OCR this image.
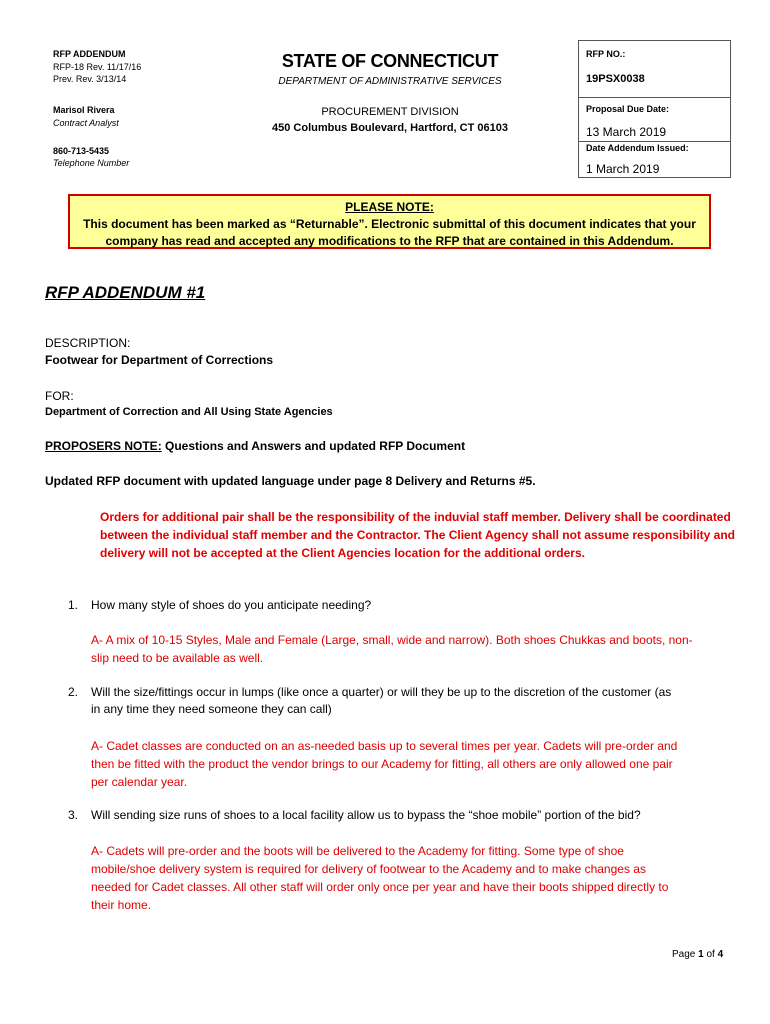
RFP ADDENDUM
RFP-18 Rev. 11/17/16
Prev. Rev. 3/13/14
Marisol Rivera
Contract Analyst
860-713-5435
Telephone Number
STATE OF CONNECTICUT
DEPARTMENT OF ADMINISTRATIVE SERVICES
PROCUREMENT DIVISION
450 Columbus Boulevard, Hartford, CT 06103
RFP NO.:
19PSX0038
Proposal Due Date:
13 March 2019
Date Addendum Issued:
1 March 2019
PLEASE NOTE:
This document has been marked as “Returnable”. Electronic submittal of this document indicates that your
company has read and accepted any modifications to the RFP that are contained in this Addendum.
RFP ADDENDUM #1
DESCRIPTION:
Footwear for Department of Corrections
FOR:
Department of Correction and All Using State Agencies
PROPOSERS NOTE: Questions and Answers and updated RFP Document
Updated RFP document with updated language under page 8 Delivery and Returns #5.
Orders for additional pair shall be the responsibility of the induvial staff member. Delivery shall be coordinated
between the individual staff member and the Contractor. The Client Agency shall not assume responsibility and
delivery will not be accepted at the Client Agencies location for the additional orders.
1. How many style of shoes do you anticipate needing?
A- A mix of 10-15 Styles, Male and Female (Large, small, wide and narrow). Both shoes Chukkas and boots, non-
slip need to be available as well.
2. Will the size/fittings occur in lumps (like once a quarter) or will they be up to the discretion of the customer (as
in any time they need someone they can call)
A- Cadet classes are conducted on an as-needed basis up to several times per year. Cadets will pre-order and
then be fitted with the product the vendor brings to our Academy for fitting, all others are only allowed one pair
per calendar year.
3. Will sending size runs of shoes to a local facility allow us to bypass the “shoe mobile” portion of the bid?
A- Cadets will pre-order and the boots will be delivered to the Academy for fitting. Some type of shoe
mobile/shoe delivery system is required for delivery of footwear to the Academy and to make changes as
needed for Cadet classes. All other staff will order only once per year and have their boots shipped directly to
their home.
Page 1 of 4
